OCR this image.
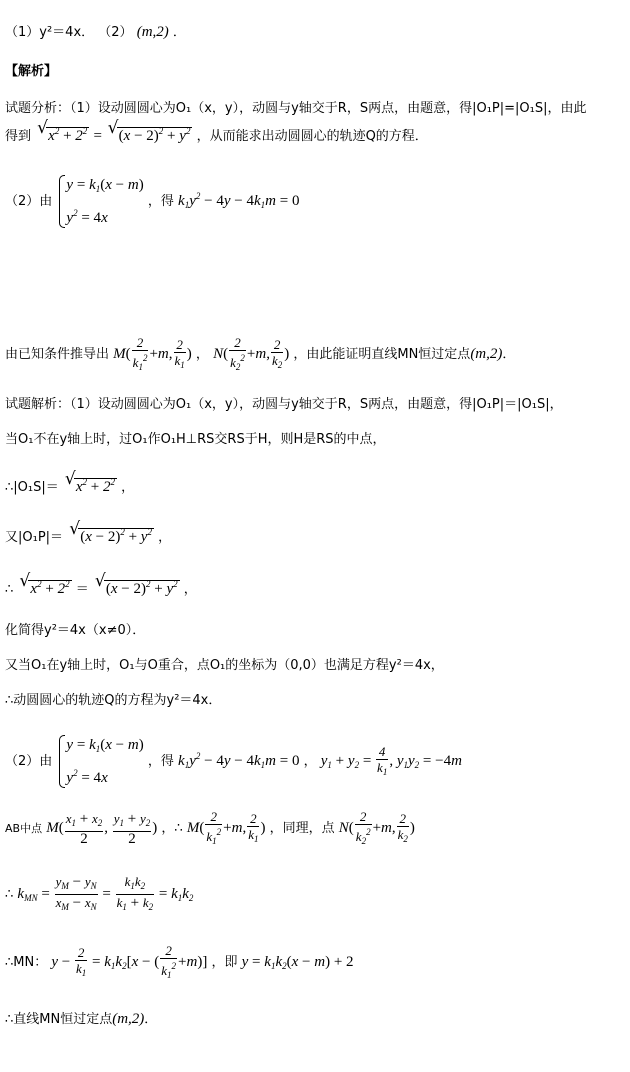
（1）y²＝4x． （2） (m,2) ．
【解析】
试题分析：（1）设动圆圆心为O₁（x，y），动圆与y轴交于R，S两点，由题意，得|O₁P|=|O₁S|，由此
得到 √ $x^2 + 2^2$ = √ $(x - 2)^2 + y^2$ ，从而能求出动圆圆心的轨迹Q的方程．
（2）由
$y = k_1(x - m)$
$y^2 = 4x$
，得 $k_1y^2 - 4y - 4k_1m = 0$
由已知条件推导出 $M( \frac{2}{k_1^2} +m$, $\frac{2}{k_1}$ ) ， $N( \frac{2}{k_2^2} +m$, $\frac{2}{k_2}$ ) ，由此能证明直线MN恒过定点(m,2)．
试题解析：（1）设动圆圆心为O₁（x，y），动圆与y轴交于R，S两点，由题意，得|O₁P|＝|O₁S|，
当O₁不在y轴上时，过O₁作O₁H⊥RS交RS于H，则H是RS的中点，
∴|O₁S|＝ √ $x^2 + 2^2$ ，
又|O₁P|＝ √ $(x - 2)^2 + y^2$ ，
∴ √ $x^2 + 2^2$ ＝ √ $(x - 2)^2 + y^2$ ，
化简得y²＝4x（x≠0）．
又当O₁在y轴上时，O₁与O重合，点O₁的坐标为（0,0）也满足方程y²＝4x，
∴动圆圆心的轨迹Q的方程为y²＝4x．
（2）由
$y = k_1(x - m)$
$y^2 = 4x$
，得 $k_1y^2 - 4y - 4k_1m = 0$ ， $y_1 + y_2 = \frac{4}{k_1}$ , $y_1y_2 = -4m$
AB中点 $M( \frac{x_1 + x_2}{2}$ , $\frac{y_1 + y_2}{2}$ ) ，∴ $M( \frac{2}{k_1^2} +m$, $\frac{2}{k_1}$ ) ，同理，点 $N( \frac{2}{k_2^2} +m$, $\frac{2}{k_2}$ )
∴ $k_{MN} = \frac{y_M - y_N}{x_M - x_N} = \frac{k_1k_2}{k_1 + k_2} = k_1k_2$
∴MN： $y - \frac{2}{k_1} = k_1k_2[x$ − ( $\frac{2}{k_1^2} +m$)] ，即 $y = k_1k_2(x - m) + 2$
∴直线MN恒过定点(m,2)．
